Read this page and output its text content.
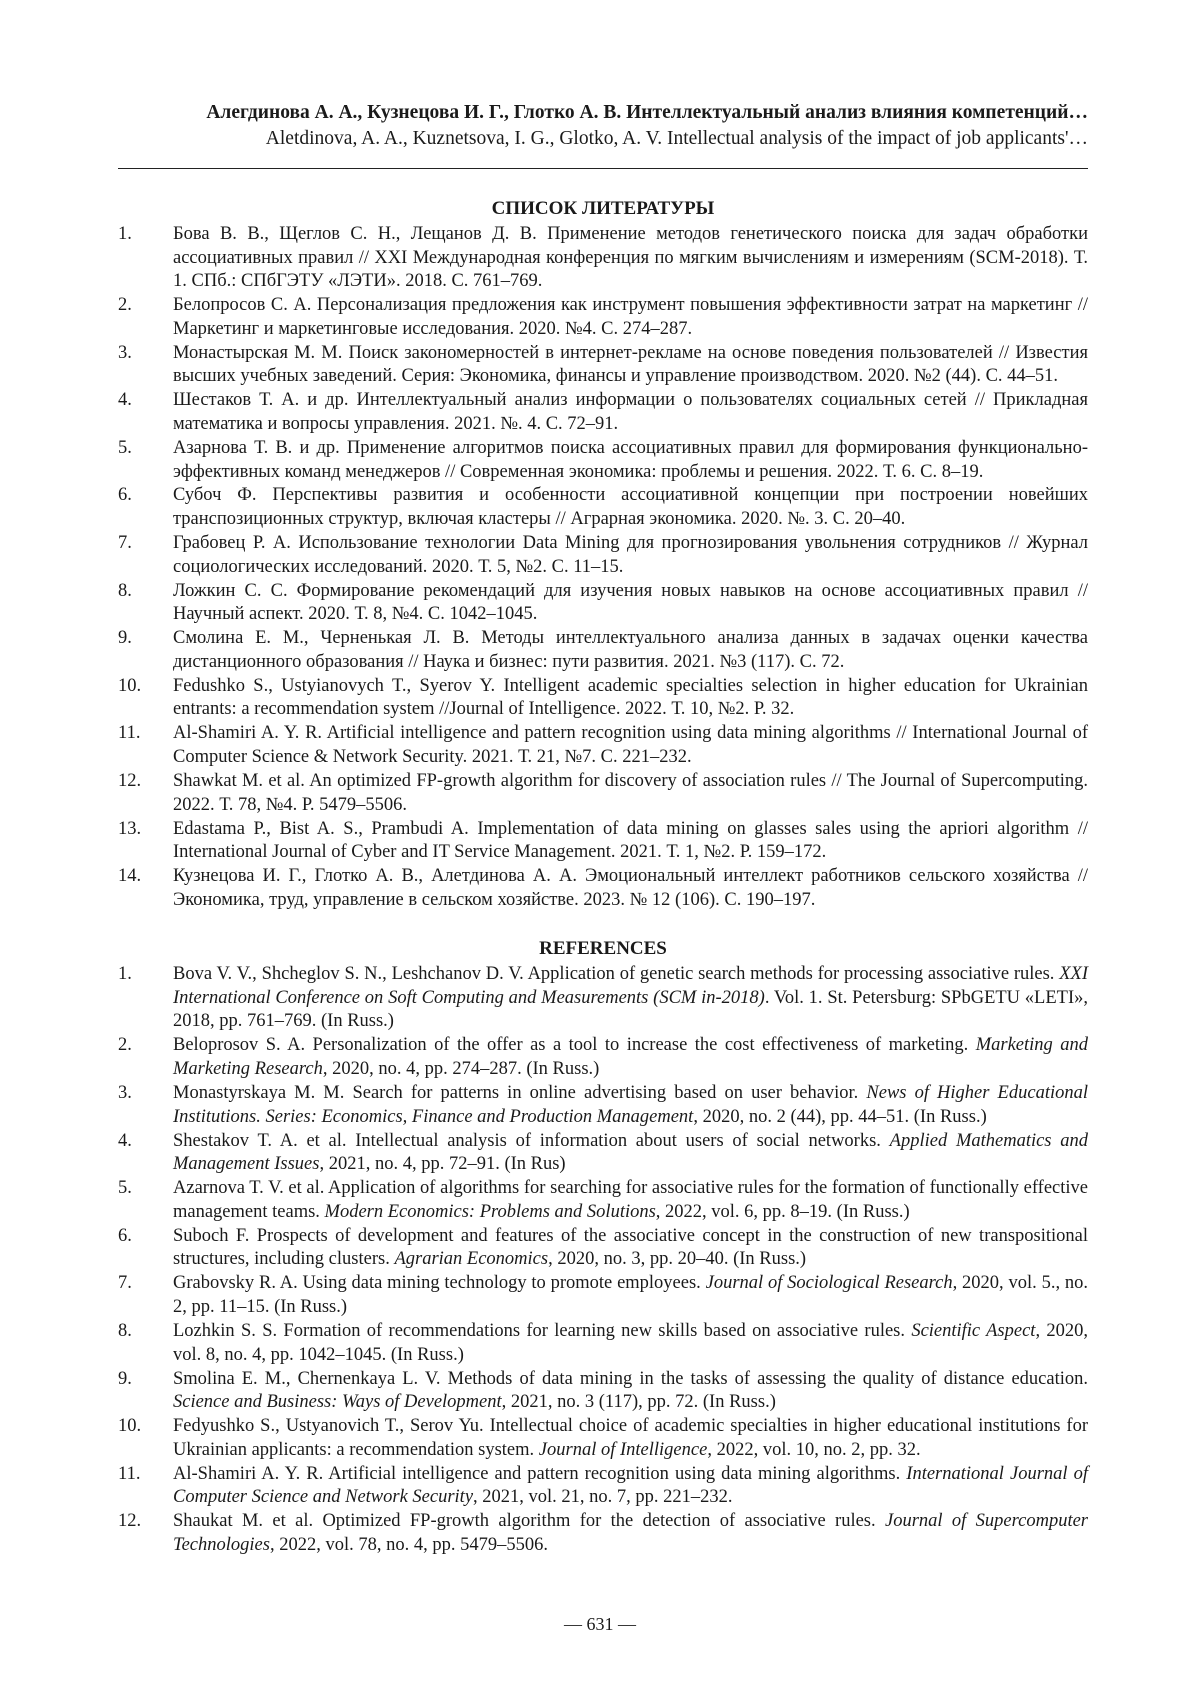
Алегдинова А. А., Кузнецова И. Г., Глотко А. В. Интеллектуальный анализ влияния компетенций…
Aletdinova, A. A., Kuznetsova, I. G., Glotko, A. V. Intellectual analysis of the impact of job applicants'…
СПИСОК ЛИТЕРАТУРЫ
1. Бова В. В., Щеглов С. Н., Лещанов Д. В. Применение методов генетического поиска для задач обработки ассоциативных правил // XXI Международная конференция по мягким вычислениям и измерениям (SCM-2018). Т. 1. СПб.: СПбГЭТУ «ЛЭТИ». 2018. С. 761–769.
2. Белопросов С. А. Персонализация предложения как инструмент повышения эффективности затрат на маркетинг // Маркетинг и маркетинговые исследования. 2020. №4. С. 274–287.
3. Монастырская М. М. Поиск закономерностей в интернет-рекламе на основе поведения пользователей // Известия высших учебных заведений. Серия: Экономика, финансы и управление производством. 2020. №2 (44). С. 44–51.
4. Шестаков Т. А. и др. Интеллектуальный анализ информации о пользователях социальных сетей // Прикладная математика и вопросы управления. 2021. №. 4. С. 72–91.
5. Азарнова Т. В. и др. Применение алгоритмов поиска ассоциативных правил для формирования функционально-эффективных команд менеджеров // Современная экономика: проблемы и решения. 2022. Т. 6. С. 8–19.
6. Субоч Ф. Перспективы развития и особенности ассоциативной концепции при построении новейших транспозиционных структур, включая кластеры // Аграрная экономика. 2020. №. 3. С. 20–40.
7. Грабовец Р. А. Использование технологии Data Mining для прогнозирования увольнения сотрудников // Журнал социологических исследований. 2020. Т. 5, №2. С. 11–15.
8. Ложкин С. С. Формирование рекомендаций для изучения новых навыков на основе ассоциативных правил // Научный аспект. 2020. Т. 8, №4. С. 1042–1045.
9. Смолина Е. М., Черненькая Л. В. Методы интеллектуального анализа данных в задачах оценки качества дистанционного образования // Наука и бизнес: пути развития. 2021. №3 (117). С. 72.
10. Fedushko S., Ustyianovych T., Syerov Y. Intelligent academic specialties selection in higher education for Ukrainian entrants: a recommendation system //Journal of Intelligence. 2022. Т. 10, №2. Р. 32.
11. Al-Shamiri A. Y. R. Artificial intelligence and pattern recognition using data mining algorithms // International Journal of Computer Science & Network Security. 2021. Т. 21, №7. С. 221–232.
12. Shawkat M. et al. An optimized FP-growth algorithm for discovery of association rules // The Journal of Supercomputing. 2022. Т. 78, №4. Р. 5479–5506.
13. Edastama P., Bist A. S., Prambudi A. Implementation of data mining on glasses sales using the apriori algorithm // International Journal of Cyber and IT Service Management. 2021. Т. 1, №2. Р. 159–172.
14. Кузнецова И. Г., Глотко А. В., Алетдинова А. А. Эмоциональный интеллект работников сельского хозяйства // Экономика, труд, управление в сельском хозяйстве. 2023. № 12 (106). С. 190–197.
REFERENCES
1. Bova V. V., Shcheglov S. N., Leshchanov D. V. Application of genetic search methods for processing associative rules. XXI International Conference on Soft Computing and Measurements (SCM in-2018). Vol. 1. St. Petersburg: SPbGETU «LETI», 2018, pp. 761–769. (In Russ.)
2. Beloprosov S. A. Personalization of the offer as a tool to increase the cost effectiveness of marketing. Marketing and Marketing Research, 2020, no. 4, pp. 274–287. (In Russ.)
3. Monastyrskaya M. M. Search for patterns in online advertising based on user behavior. News of Higher Educational Institutions. Series: Economics, Finance and Production Management, 2020, no. 2 (44), pp. 44–51. (In Russ.)
4. Shestakov T. A. et al. Intellectual analysis of information about users of social networks. Applied Mathematics and Management Issues, 2021, no. 4, pp. 72–91. (In Rus)
5. Azarnova T. V. et al. Application of algorithms for searching for associative rules for the formation of functionally effective management teams. Modern Economics: Problems and Solutions, 2022, vol. 6, pp. 8–19. (In Russ.)
6. Suboch F. Prospects of development and features of the associative concept in the construction of new transpositional structures, including clusters. Agrarian Economics, 2020, no. 3, pp. 20–40. (In Russ.)
7. Grabovsky R. A. Using data mining technology to promote employees. Journal of Sociological Research, 2020, vol. 5., no. 2, pp. 11–15. (In Russ.)
8. Lozhkin S. S. Formation of recommendations for learning new skills based on associative rules. Scientific Aspect, 2020, vol. 8, no. 4, pp. 1042–1045. (In Russ.)
9. Smolina E. M., Chernenkaya L. V. Methods of data mining in the tasks of assessing the quality of distance education. Science and Business: Ways of Development, 2021, no. 3 (117), pp. 72. (In Russ.)
10. Fedyushko S., Ustyanovich T., Serov Yu. Intellectual choice of academic specialties in higher educational institutions for Ukrainian applicants: a recommendation system. Journal of Intelligence, 2022, vol. 10, no. 2, pp. 32.
11. Al-Shamiri A. Y. R. Artificial intelligence and pattern recognition using data mining algorithms. International Journal of Computer Science and Network Security, 2021, vol. 21, no. 7, pp. 221–232.
12. Shaukat M. et al. Optimized FP-growth algorithm for the detection of associative rules. Journal of Supercomputer Technologies, 2022, vol. 78, no. 4, pp. 5479–5506.
— 631 —
